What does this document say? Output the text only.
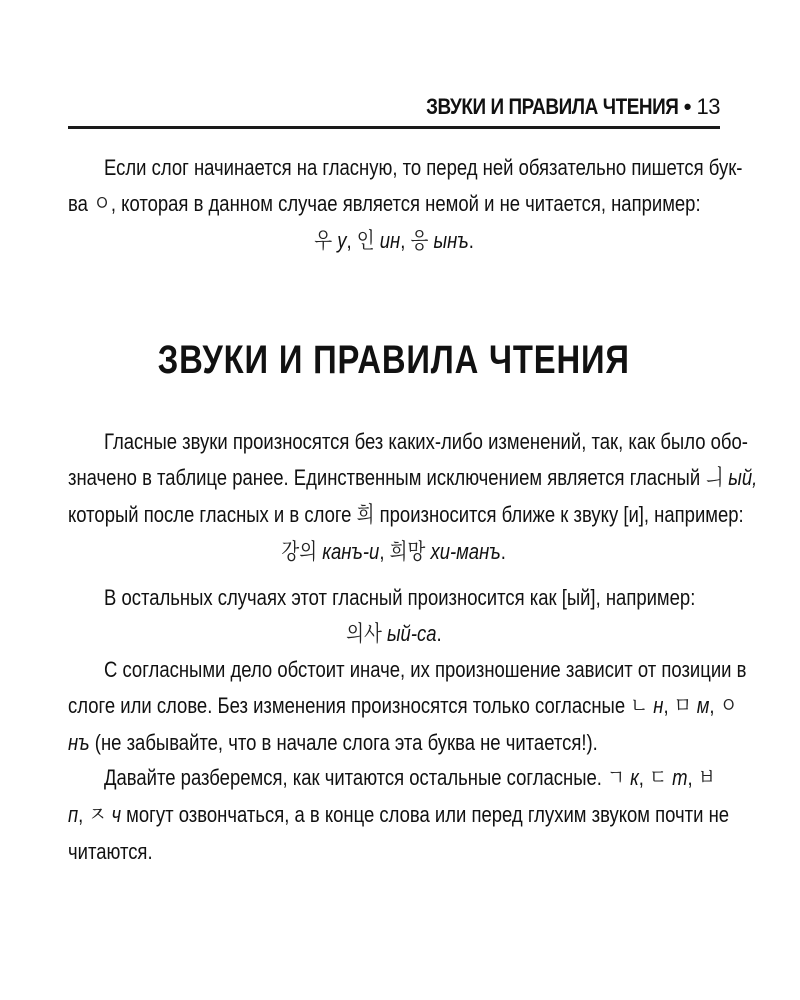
ЗВУКИ И ПРАВИЛА ЧТЕНИЯ • 13
Если слог начинается на гласную, то перед ней обязательно пишется бук-
ва ㅇ, которая в данном случае является немой и не читается, например:
우 у, 인 ин, 응 ынъ.
ЗВУКИ И ПРАВИЛА ЧТЕНИЯ
Гласные звуки произносятся без каких-либо изменений, так, как было обо-
значено в таблице ранее. Единственным исключением является гласный ㅢ ый,
который после гласных и в слоге 희 произносится ближе к звуку [и], например:
강의 канъ-и, 희망 хи-манъ.
В остальных случаях этот гласный произносится как [ый], например:
의사 ый-са.
С согласными дело обстоит иначе, их произношение зависит от позиции в
слоге или слове. Без изменения произносятся только согласные ㄴ н, ㅁ м, ㅇ
нъ (не забывайте, что в начале слога эта буква не читается!).
Давайте разберемся, как читаются остальные согласные. ㄱ к, ㄷ т, ㅂ
п, ㅈ ч могут озвончаться, а в конце слова или перед глухим звуком почти не
читаются.
